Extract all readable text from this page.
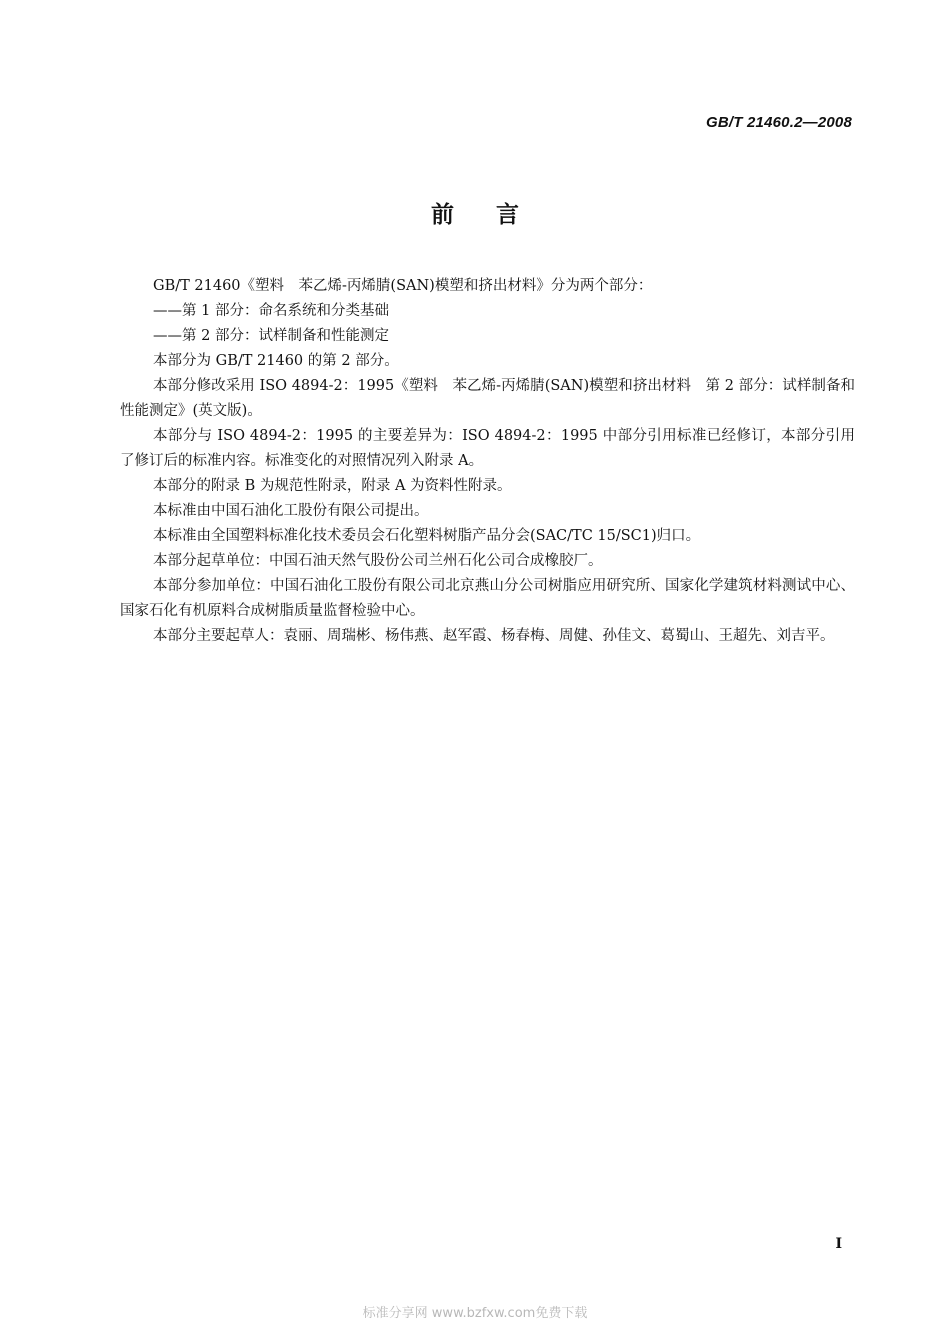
GB/T 21460.2—2008
前言

GB/T 21460《塑料　苯乙烯-丙烯腈(SAN)模塑和挤出材料》分为两个部分：

——第 1 部分：命名系统和分类基础

——第 2 部分：试样制备和性能测定

本部分为 GB/T 21460 的第 2 部分。

本部分修改采用 ISO 4894-2：1995《塑料　苯乙烯-丙烯腈(SAN)模塑和挤出材料　第 2 部分：试样制备和性能测定》(英文版)。

本部分与 ISO 4894-2：1995 的主要差异为：ISO 4894-2：1995 中部分引用标准已经修订，本部分引用了修订后的标准内容。标准变化的对照情况列入附录 A。

本部分的附录 B 为规范性附录，附录 A 为资料性附录。

本标准由中国石油化工股份有限公司提出。

本标准由全国塑料标准化技术委员会石化塑料树脂产品分会(SAC/TC 15/SC1)归口。

本部分起草单位：中国石油天然气股份公司兰州石化公司合成橡胶厂。

本部分参加单位：中国石油化工股份有限公司北京燕山分公司树脂应用研究所、国家化学建筑材料测试中心、国家石化有机原料合成树脂质量监督检验中心。

本部分主要起草人：袁丽、周瑞彬、杨伟燕、赵军霞、杨春梅、周健、孙佳文、葛蜀山、王超先、刘吉平。

I
标准分享网 www.bzfxw.com免费下载
